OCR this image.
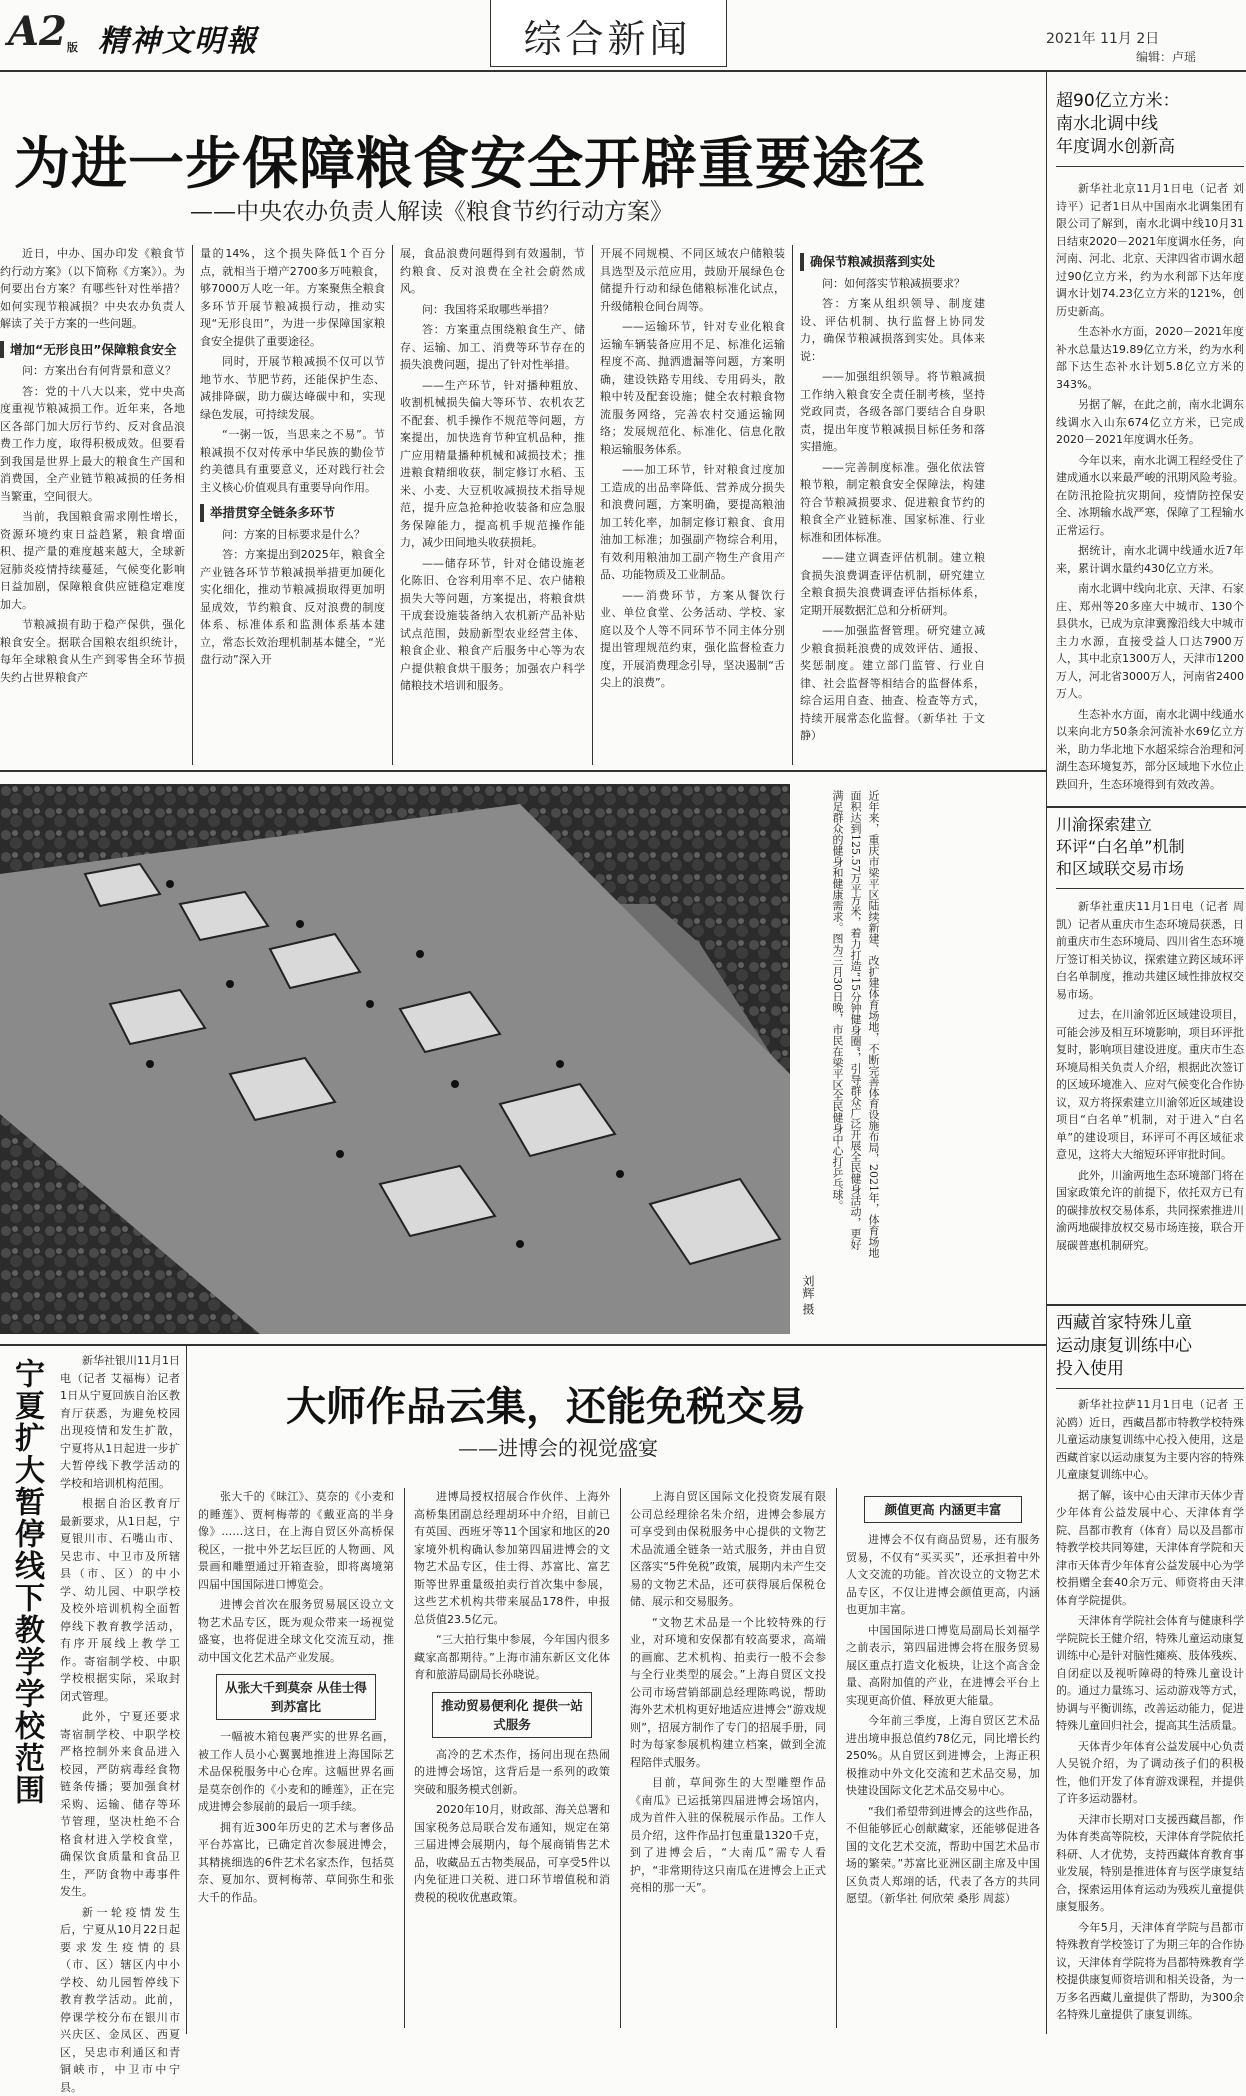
A2版 精神文明報	综合新闻	2021年 11月 2日
编辑：卢瑶
为进一步保障粮食安全开辟重要途径
——中央农办负责人解读《粮食节约行动方案》

近日，中办、国办印发《粮食节约行动方案》（以下简称《方案》）。为何要出台方案？有哪些针对性举措？如何实现节粮减损？中央农办负责人解读了关于方案的一些问题。

增加“无形良田”保障粮食安全

问：方案出台有何背景和意义？

答：党的十八大以来，党中央高度重视节粮减损工作。近年来，各地区各部门加大厉行节约、反对食品浪费工作力度，取得积极成效。但要看到我国是世界上最大的粮食生产国和消费国，全产业链节粮减损的任务相当繁重，空间很大。

当前，我国粮食需求刚性增长，资源环境约束日益趋紧，粮食增面积、提产量的难度越来越大，全球新冠肺炎疫情持续蔓延，气候变化影响日益加剧，保障粮食供应链稳定难度加大。

节粮减损有助于稳产保供，强化粮食安全。据联合国粮农组织统计，每年全球粮食从生产到零售全环节损失约占世界粮食产

量的14%，这个损失降低1个百分点，就相当于增产2700多万吨粮食，够7000万人吃一年。方案聚焦全粮食多环节开展节粮减损行动，推动实现“无形良田”，为进一步保障国家粮食安全提供了重要途径。

同时，开展节粮减损不仅可以节地节水、节肥节药，还能保护生态、减排降碳，助力碳达峰碳中和，实现绿色发展，可持续发展。

“一粥一饭，当思来之不易”。节粮减损不仅对传承中华民族的勤俭节约美德具有重要意义，还对践行社会主义核心价值观具有重要导向作用。

举措贯穿全链条多环节

问：方案的目标要求是什么？

答：方案提出到2025年，粮食全产业链各环节节粮减损举措更加硬化实化细化，推动节粮减损取得更加明显成效，节约粮食、反对浪费的制度体系、标准体系和监测体系基本建立，常态长效治理机制基本健全，“光盘行动”深入开

展，食品浪费问题得到有效遏制，节约粮食、反对浪费在全社会蔚然成风。

问：我国将采取哪些举措？

答：方案重点围绕粮食生产、储存、运输、加工、消费等环节存在的损失浪费问题，提出了针对性举措。

——生产环节，针对播种粗放、收割机械损失偏大等环节、农机农艺不配套、机手操作不规范等问题，方案提出，加快选育节种宜机品种，推广应用精量播种机械和减损技术；推进粮食精细收获，制定修订水稻、玉米、小麦、大豆机收减损技术指导规范，提升应急抢种抢收装备和应急服务保障能力，提高机手规范操作能力，减少田间地头收获损耗。

——储存环节，针对仓储设施老化陈旧、仓容利用率不足、农户储粮损失大等问题，方案提出，将粮食烘干成套设施装备纳入农机新产品补贴试点范围，鼓励新型农业经营主体、粮食企业、粮食产后服务中心等为农户提供粮食烘干服务；加强农户科学储粮技术培训和服务。

开展不同规模、不同区域农户储粮装具选型及示范应用，鼓励开展绿色仓储提升行动和绿色储粮标准化试点，升级储粮仓间台周等。

——运输环节，针对专业化粮食运输车辆装备应用不足、标准化运输程度不高、抛洒遗漏等问题，方案明确，建设铁路专用线、专用码头，散粮中转及配套设施；健全农村粮食物流服务网络，完善农村交通运输网络；发展规范化、标准化、信息化散粮运输服务体系。

——加工环节，针对粮食过度加工造成的出品率降低、营养成分损失和浪费问题，方案明确，要提高粮油加工转化率，加制定修订粮食、食用油加工标准；加强副产物综合利用，有效利用粮油加工副产物生产食用产品、功能物质及工业制品。

——消费环节，方案从餐饮行业、单位食堂、公务活动、学校、家庭以及个人等不同环节不同主体分别提出管理规范约束，强化监督检查力度，开展消费理念引导，坚决遏制“舌尖上的浪费”。

确保节粮减损落到实处

问：如何落实节粮减损要求？

答：方案从组织领导、制度建设、评估机制、执行监督上协同发力，确保节粮减损落到实处。具体来说：

——加强组织领导。将节粮减损工作纳入粮食安全责任制考核，坚持党政同责，各级各部门要结合自身职责，提出年度节粮减损目标任务和落实措施。

——完善制度标准。强化依法管粮节粮，制定粮食安全保障法，构建符合节粮减损要求、促进粮食节约的粮食全产业链标准、国家标准、行业标准和团体标准。

——建立调查评估机制。建立粮食损失浪费调查评估机制，研究建立全粮食损失浪费调查评估指标体系，定期开展数据汇总和分析研判。

——加强监督管理。研究建立减少粮食损耗浪费的成效评估、通报、奖惩制度。建立部门监管、行业自律、社会监督等相结合的监督体系，综合运用自查、抽查、检查等方式，持续开展常态化监督。（新华社 于文静）

超90亿立方米：
南水北调中线
年度调水创新高

新华社北京11月1日电（记者 刘诗平）记者1日从中国南水北调集团有限公司了解到，南水北调中线10月31日结束2020－2021年度调水任务，向河南、河北、北京、天津四省市调水超过90亿立方米，约为水利部下达年度调水计划74.23亿立方米的121%，创历史新高。

生态补水方面，2020－2021年度补水总量达19.89亿立方米，约为水利部下达生态补水计划5.8亿立方米的343%。

另据了解，在此之前，南水北调东线调水入山东674亿立方米，已完成2020－2021年度调水任务。

今年以来，南水北调工程经受住了建成通水以来最严峻的汛期风险考验。在防汛抢险抗灾期间，疫情防控保安全、冰期输水战严寒，保障了工程输水正常运行。

据统计，南水北调中线通水近7年来，累计调水量约430亿立方米。

南水北调中线向北京、天津、石家庄、郑州等20多座大中城市、130个县供水，已成为京津冀豫沿线大中城市主力水源，直接受益人口达7900万人，其中北京1300万人，天津市1200万人，河北省3000万人，河南省2400万人。

生态补水方面，南水北调中线通水以来向北方50条余河流补水69亿立方米，助力华北地下水超采综合治理和河湖生态环境复苏，部分区域地下水位止跌回升，生态环境得到有效改善。

川渝探索建立
环评“白名单”机制
和区域联交易市场

新华社重庆11月1日电（记者 周凯）记者从重庆市生态环境局获悉，日前重庆市生态环境局、四川省生态环境厅签订相关协议，探索建立跨区域环评白名单制度，推动共建区域性排放权交易市场。

过去，在川渝邻近区域建设项目，可能会涉及相互环境影响，项目环评批复时，影响项目建设进度。重庆市生态环境局相关负责人介绍，根据此次签订的区域环境准入、应对气候变化合作协议，双方将探索建立川渝邻近区域建设项目“白名单”机制，对于进入“白名单”的建设项目，环评可不再区域征求意见，这将大大缩短环评审批时间。

此外，川渝两地生态环境部门将在国家政策允许的前提下，依托双方已有的碳排放权交易体系，共同探索推进川渝两地碳排放权交易市场连接，联合开展碳普惠机制研究。

西藏首家特殊儿童
运动康复训练中心
投入使用

新华社拉萨11月1日电（记者 王沁鸥）近日，西藏昌都市特教学校特殊儿童运动康复训练中心投入使用，这是西藏首家以运动康复为主要内容的特殊儿童康复训练中心。

据了解，该中心由天津市天体少青少年体育公益发展中心、天津体育学院、昌都市教育（体育）局以及昌都市特教学校共同筹建，天津体育学院和天津市天体青少年体育公益发展中心为学校捐赠全套40余万元、师资将由天津体育学院提供。

天津体育学院社会体育与健康科学学院院长王健介绍，特殊儿童运动康复训练中心是针对脑性瘫痪、肢体残疾、自闭症以及视听障碍的特殊儿童设计的。通过力量练习、运动游戏等方式，协调与平衡训练，改善运动能力，促进特殊儿童回归社会，提高其生活质量。

天体青少年体育公益发展中心负责人吴锐介绍，为了调动孩子们的积极性，他们开发了体育游戏课程，并提供了许多运动器材。

天津市长期对口支援西藏昌都，作为体育类高等院校，天津体育学院依托科研、人才优势，支持西藏体育教育事业发展，特别是推进体育与医学康复结合，探索运用体育运动为残疾儿童提供康复服务。

今年5月，天津体育学院与昌都市特殊教育学校签订了为期三年的合作协议，天津体育学院将为昌都特殊教育学校提供康复师资培训和相关设备，为一万多名西藏儿童提供了帮助，为300余名特殊儿童提供了康复训练。

近年来，重庆市梁平区陆续新建、改扩建体育场地，不断完善体育设施布局，2021年，体育场地面积达到125.57万平方米，着力打造“15分钟健身圈”，引导群众广泛开展全民健身活动，更好满足群众的健身和健康需求。图为三月30日晚，市民在梁平区全民健身中心打乒乓球。
刘辉 摄
宁夏扩大暂停线下教学学校范围	新华社银川11月1日电（记者 艾福梅）记者1日从宁夏回族自治区教育厅获悉，为避免校园出现疫情和发生扩散，宁夏将从1日起进一步扩大暂停线下教学活动的学校和培训机构范围。

根据自治区教育厅最新要求，从1日起，宁夏银川市、石嘴山市、吴忠市、中卫市及所辖县（市、区）的中小学、幼儿园、中职学校及校外培训机构全面暂停线下教育教学活动，有序开展线上教学工作。寄宿制学校、中职学校根据实际，采取封闭式管理。

此外，宁夏还要求寄宿制学校、中职学校严格控制外来食品进入校园，严防病毒经食物链条传播；要加强食材采购、运输、储存等环节管理，坚决杜绝不合格食材进入学校食堂，确保饮食质量和食品卫生，严防食物中毒事件发生。

新一轮疫情发生后，宁夏从10月22日起要求发生疫情的县（市、区）辖区内中小学校、幼儿园暂停线下教育教学活动。此前，停课学校分布在银川市兴庆区、金凤区、西夏区，吴忠市利通区和青铜峡市，中卫市中宁县。

大师作品云集，还能免税交易
——进博会的视觉盛宴

张大千的《昧江》、莫奈的《小麦和的睡莲》、贾柯梅蒂的《戴亚高的半身像》……这日，在上海自贸区外高桥保税区，一批中外艺坛巨匠的人物画、风景画和雕塑通过开箱查验，即将离境第四届中国国际进口博览会。

进博会首次在服务贸易展区设立文物艺术品专区，既为观众带来一场视觉盛宴，也将促进全球文化交流互动，推动中国文化艺术品产业发展。

从张大千到莫奈 从佳士得到苏富比

一幅被木箱包裹严实的世界名画，被工作人员小心翼翼地推进上海国际艺术品保税服务中心仓库。这幅世界名画是莫奈创作的《小麦和的睡莲》，正在完成进博会参展前的最后一项手续。

拥有近300年历史的艺术与奢侈品平台苏富比，已确定首次参展进博会，其精挑细选的6件艺术名家杰作，包括莫奈、夏加尔、贾柯梅蒂、草间弥生和张大千的作品。

进博局授权招展合作伙伴、上海外高桥集团副总经理胡环中介绍，目前已有英国、西班牙等11个国家和地区的20家境外机构确认参加第四届进博会的文物艺术品专区，佳士得、苏富比、富艺斯等世界重量级拍卖行首次集中参展，这些艺术机构共带来展品178件，申报总货值23.5亿元。

“三大拍行集中参展，今年国内很多藏家高都期待。”上海市浦东新区文化体育和旅游局副局长孙晓说。

推动贸易便利化 提供一站式服务

高冷的艺术杰作，扬问出现在热闹的进博会场馆，这背后是一系列的政策突破和服务模式创新。

2020年10月，财政部、海关总署和国家税务总局联合发布通知，规定在第三届进博会展期内，每个展商销售艺术品，收藏品五古物类展品，可享受5件以内免征进口关税、进口环节增值税和消费税的税收优惠政策。

上海自贸区国际文化投资发展有限公司总经理徐名朱介绍，进博会参展方可享受到由保税服务中心提供的文物艺术品流通全链条一站式服务，并由自贸区落实“5件免税”政策，展期内未产生交易的文物艺术品，还可获得展后保税仓储、展示和交易服务。

“文物艺术品是一个比较特殊的行业，对环境和安保都有较高要求，高端的画廊、艺术机构、拍卖行一般不会参与全行业类型的展会。”上海自贸区文投公司市场营销部副总经理陈鸣说，帮助海外艺术机构更好地适应进博会“游戏规则”，招展方制作了专门的招展手册，同时为每家参展机构建立档案，做到全流程陪伴式服务。

目前，草间弥生的大型雕塑作品《南瓜》已运抵第四届进博会场馆内，成为首件入驻的保税展示作品。工作人员介绍，这件作品打包重量1320千克，到了进博会后，“大南瓜”需专人看护，“非常期待这只南瓜在进博会上正式亮相的那一天”。

颜值更高 内涵更丰富

进博会不仅有商品贸易，还有服务贸易，不仅有“买买买”，还承担着中外人文交流的功能。首次设立的文物艺术品专区，不仅让进博会颜值更高，内涵也更加丰富。

中国国际进口博览局副局长刘福学之前表示，第四届进博会将在服务贸易展区重点打造文化板块，让这个高含金量、高附加值的产业，在进博会平台上实现更高价值、释放更大能量。

今年前三季度，上海自贸区艺术品进出境申报总值约78亿元，同比增长约250%。从自贸区到进博会，上海正积极推动中外文化交流和艺术品交易，加快建设国际文化艺术品交易中心。

“我们希望带到进博会的这些作品，不但能够匠心创献藏家，还能够促进各国的文化艺术交流，帮助中国艺术品市场的繁荣。”苏富比亚洲区副主席及中国区负责人郑翊的话，代表了各方的共同愿望。（新华社 何欣荣 桑彤 周蕊）
